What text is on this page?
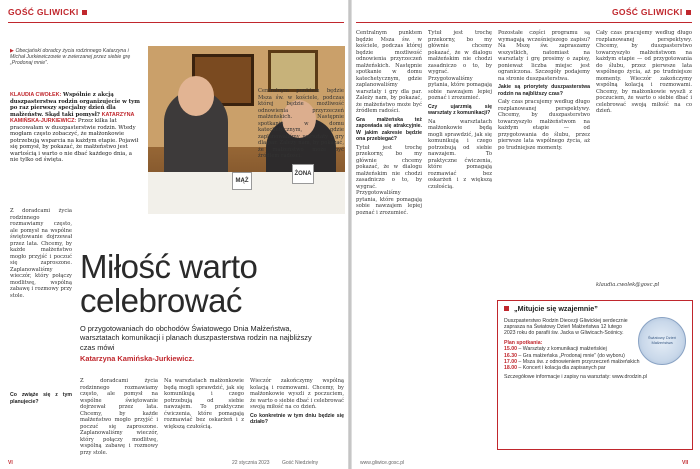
GOŚĆ GLIWICKI	GOŚĆ GLIWICKI
MĄŻ
ŻONA
▶ Obecjański doradcy życia rodzinnego Katarzyna i Michał Jurkiewiczowie w zwierzanej przez siebie grę „Prodonaj mnie”.
KLAUDIA CWOŁEK: Wspólnie z akcją duszpasterstwa rodzin organizujecie w tym po raz pierwszy specjalny dzień dla małżeństw. Skąd taki pomysł? KATARZYNA KAMIŃSKA-JURKIEWICZ: Przez kilka lat pracowałam w duszpasterstwie rodzin. Wtedy mogłam często zobaczyć, że małżonkowie potrzebują wsparcia na każdym etapie. Pojawił się pomysł, by pokazać, że małżeństwo jest wartością i warto o nie dbać każdego dnia, a nie tylko od święta.
Z doradcami życia rodzinnego rozmawiamy często, ale pomysł na wspólne świętowanie dojrzewał przez lata. Chcemy, by każde małżeństwo mogło przyjść i poczuć się zaproszone. Zaplanowaliśmy wieczór, który połączy modlitwę, wspólną zabawę i rozmowy przy stole.
Centralnym punktem będzie Msza św. w kościele, podczas której będzie możliwość odnowienia przyrzeczeń małżeńskich. Następnie spotkanie w domu katechetycznym, gdzie zaplanowaliśmy warsztaty i gry dla par. Zależy nam, by pokazać, że małżeństwo może być źródłem radości.
Miłość warto
celebrować
O przygotowaniach do obchodów Światowego Dnia Małżeństwa, warsztatach komunikacji i planach duszpasterstwa rodzin na najbliższy czas mówi
Katarzyna Kamińska-Jurkiewicz.
Co zwiąże się z tym planujecie?
Z doradcami życia rodzinnego rozmawiamy często, ale pomysł na wspólne świętowanie dojrzewał przez lata. Chcemy, by każde małżeństwo mogło przyjść i poczuć się zaproszone. Zaplanowaliśmy wieczór, który połączy modlitwę, wspólną zabawę i rozmowy przy stole.
Na warsztatach małżonkowie będą mogli sprawdzić, jak się komunikują i czego potrzebują od siebie nawzajem. To praktyczne ćwiczenia, które pomagają rozmawiać bez oskarżeń i z większą czułością.
Wieczór zakończymy wspólną kolacją i rozmowami. Chcemy, by małżonkowie wyszli z poczuciem, że warto o siebie dbać i celebrować swoją miłość na co dzień.
Co konkretnie w tym dniu będzie się działo?
Centralnym punktem będzie Msza św. w kościele, podczas której będzie możliwość odnowienia przyrzeczeń małżeńskich. Następnie spotkanie w domu katechetycznym, gdzie zaplanowaliśmy warsztaty i gry dla par. Zależy nam, by pokazać, że małżeństwo może być źródłem radości.
Gra małżeńska też zapowiada się atrakcyjnie. W jakim zakresie będzie ona przebiegać?
Tytuł jest trochę przekorny, bo my głównie chcemy pokazać, że w dialogu małżeńskim nie chodzi zasadniczo o to, by wygrać. Przygotowaliśmy pytania, które pomagają sobie nawzajem lepiej poznać i zrozumieć.
Tytuł jest trochę przekorny, bo my głównie chcemy pokazać, że w dialogu małżeńskim nie chodzi zasadniczo o to, by wygrać. Przygotowaliśmy pytania, które pomagają sobie nawzajem lepiej poznać i zrozumieć.
Czy ujarzmią się warsztaty z komunikacji?
Na warsztatach małżonkowie będą mogli sprawdzić, jak się komunikują i czego potrzebują od siebie nawzajem. To praktyczne ćwiczenia, które pomagają rozmawiać bez oskarżeń i z większą czułością.
Pozostałe części programu są wymagają wcześniejszego zapisu? Na Mszę św. zapraszamy wszystkich, natomiast na warsztaty i grę prosimy o zapisy, ponieważ liczba miejsc jest ograniczona. Szczegóły podajemy na stronie duszpasterstwa.
Jakie są priorytety duszpasterstwa rodzin na najbliższy czas?
Cały czas pracujemy według długo rozplanowanej perspektywy. Chcemy, by duszpasterstwo towarzyszyło małżeństwom na każdym etapie — od przygotowania do ślubu, przez pierwsze lata wspólnego życia, aż po trudniejsze momenty.
Cały czas pracujemy według długo rozplanowanej perspektywy. Chcemy, by duszpasterstwo towarzyszyło małżeństwom na każdym etapie — od przygotowania do ślubu, przez pierwsze lata wspólnego życia, aż po trudniejsze momenty. Wieczór zakończymy wspólną kolacją i rozmowami. Chcemy, by małżonkowie wyszli z poczuciem, że warto o siebie dbać i celebrować swoją miłość na co dzień.
klaudia.cwolek@gosc.pl
„Mitujcie się wzajemnie”
Światowy Dzień Małżeństwa
Duszpasterstwo Rodzin Diecezji Gliwickiej serdecznie zaprasza na Światowy Dzień Małżeństwa 12 lutego 2023 roku do parafii św. Jacka w Gliwicach-Sośnicy.
Plan spotkania:
15.00 – Warsztaty z komunikacji małżeńskiej
16.30 – Gra małżeńska „Prodonaj mnie” (do wyboru)
17.00 – Msza św. z odnowieniem przyrzeczeń małżeńskich
18.00 – Koncert i kolacja dla zapisanych par
Szczegółowe informacje i zapisy na warsztaty: www.drodzin.pl
VI	22 stycznia 2023 Gość Niedzielny	www.gliwice.gosc.pl	VII
